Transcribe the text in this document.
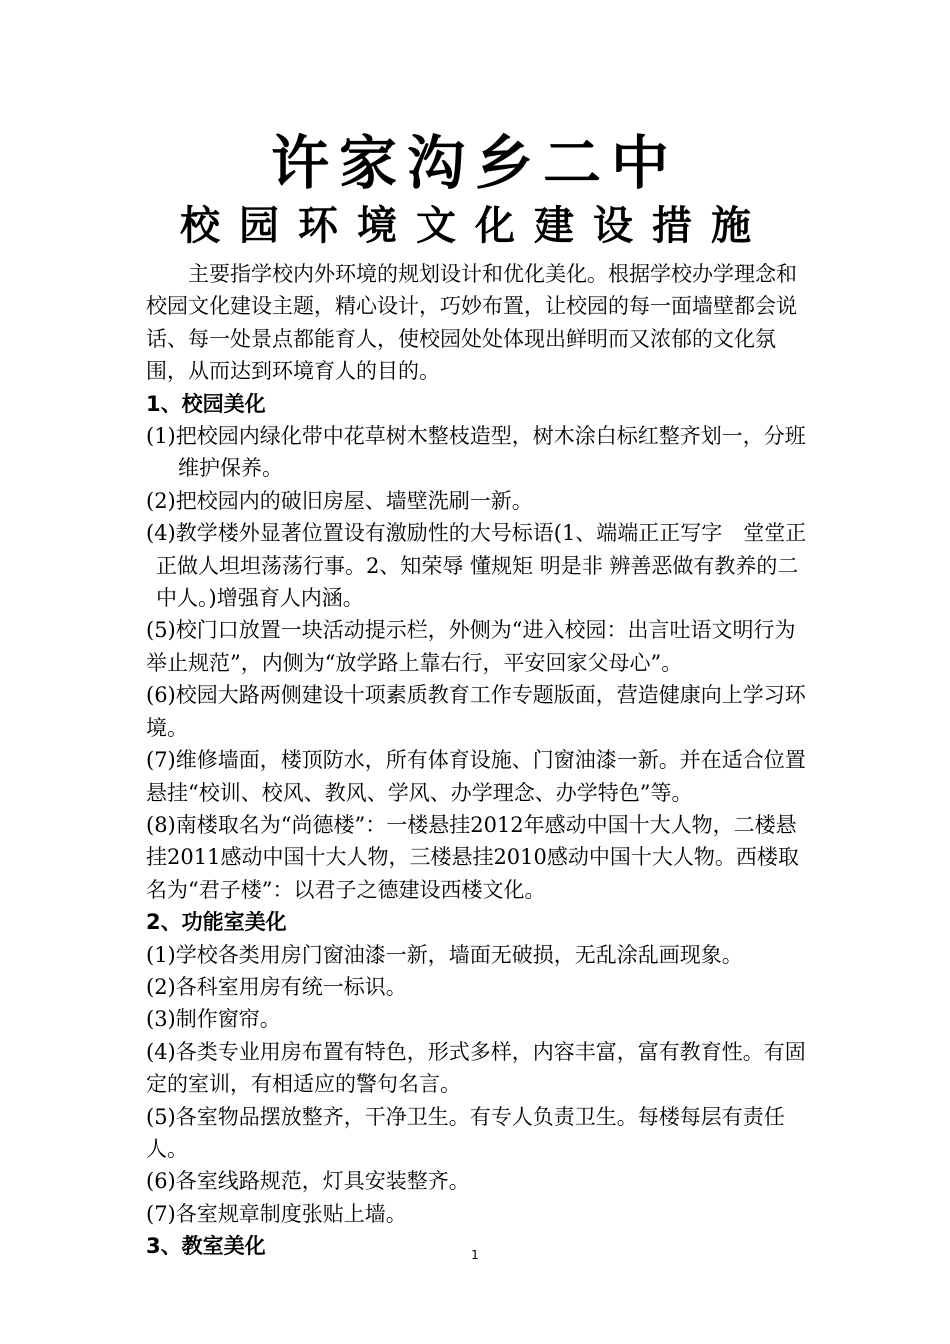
许家沟乡二中
校园环境文化建设措施

主要指学校内外环境的规划设计和优化美化。根据学校办学理念和校园文化建设主题，精心设计，巧妙布置，让校园的每一面墙壁都会说话、每一处景点都能育人，使校园处处体现出鲜明而又浓郁的文化氛围，从而达到环境育人的目的。

1、校园美化

(1)把校园内绿化带中花草树木整枝造型，树木涂白标红整齐划一，分班维护保养。

(2)把校园内的破旧房屋、墙壁洗刷一新。

(4)教学楼外显著位置设有激励性的大号标语(1、端端正正写字　堂堂正正做人坦坦荡荡行事。2、知荣辱 懂规矩 明是非 辨善恶做有教养的二中人。)增强育人内涵。

(5)校门口放置一块活动提示栏，外侧为“进入校园：出言吐语文明行为举止规范”，内侧为“放学路上靠右行，平安回家父母心”。

(6)校园大路两侧建设十项素质教育工作专题版面，营造健康向上学习环境。

(7)维修墙面，楼顶防水，所有体育设施、门窗油漆一新。并在适合位置悬挂“校训、校风、教风、学风、办学理念、办学特色”等。

(8)南楼取名为“尚德楼”：一楼悬挂2012年感动中国十大人物，二楼悬挂2011感动中国十大人物，三楼悬挂2010感动中国十大人物。西楼取名为“君子楼”：以君子之德建设西楼文化。

2、功能室美化

(1)学校各类用房门窗油漆一新，墙面无破损，无乱涂乱画现象。

(2)各科室用房有统一标识。

(3)制作窗帘。

(4)各类专业用房布置有特色，形式多样，内容丰富，富有教育性。有固定的室训，有相适应的警句名言。

(5)各室物品摆放整齐，干净卫生。有专人负责卫生。每楼每层有责任人。

(6)各室线路规范，灯具安装整齐。

(7)各室规章制度张贴上墙。

3、教室美化	1
